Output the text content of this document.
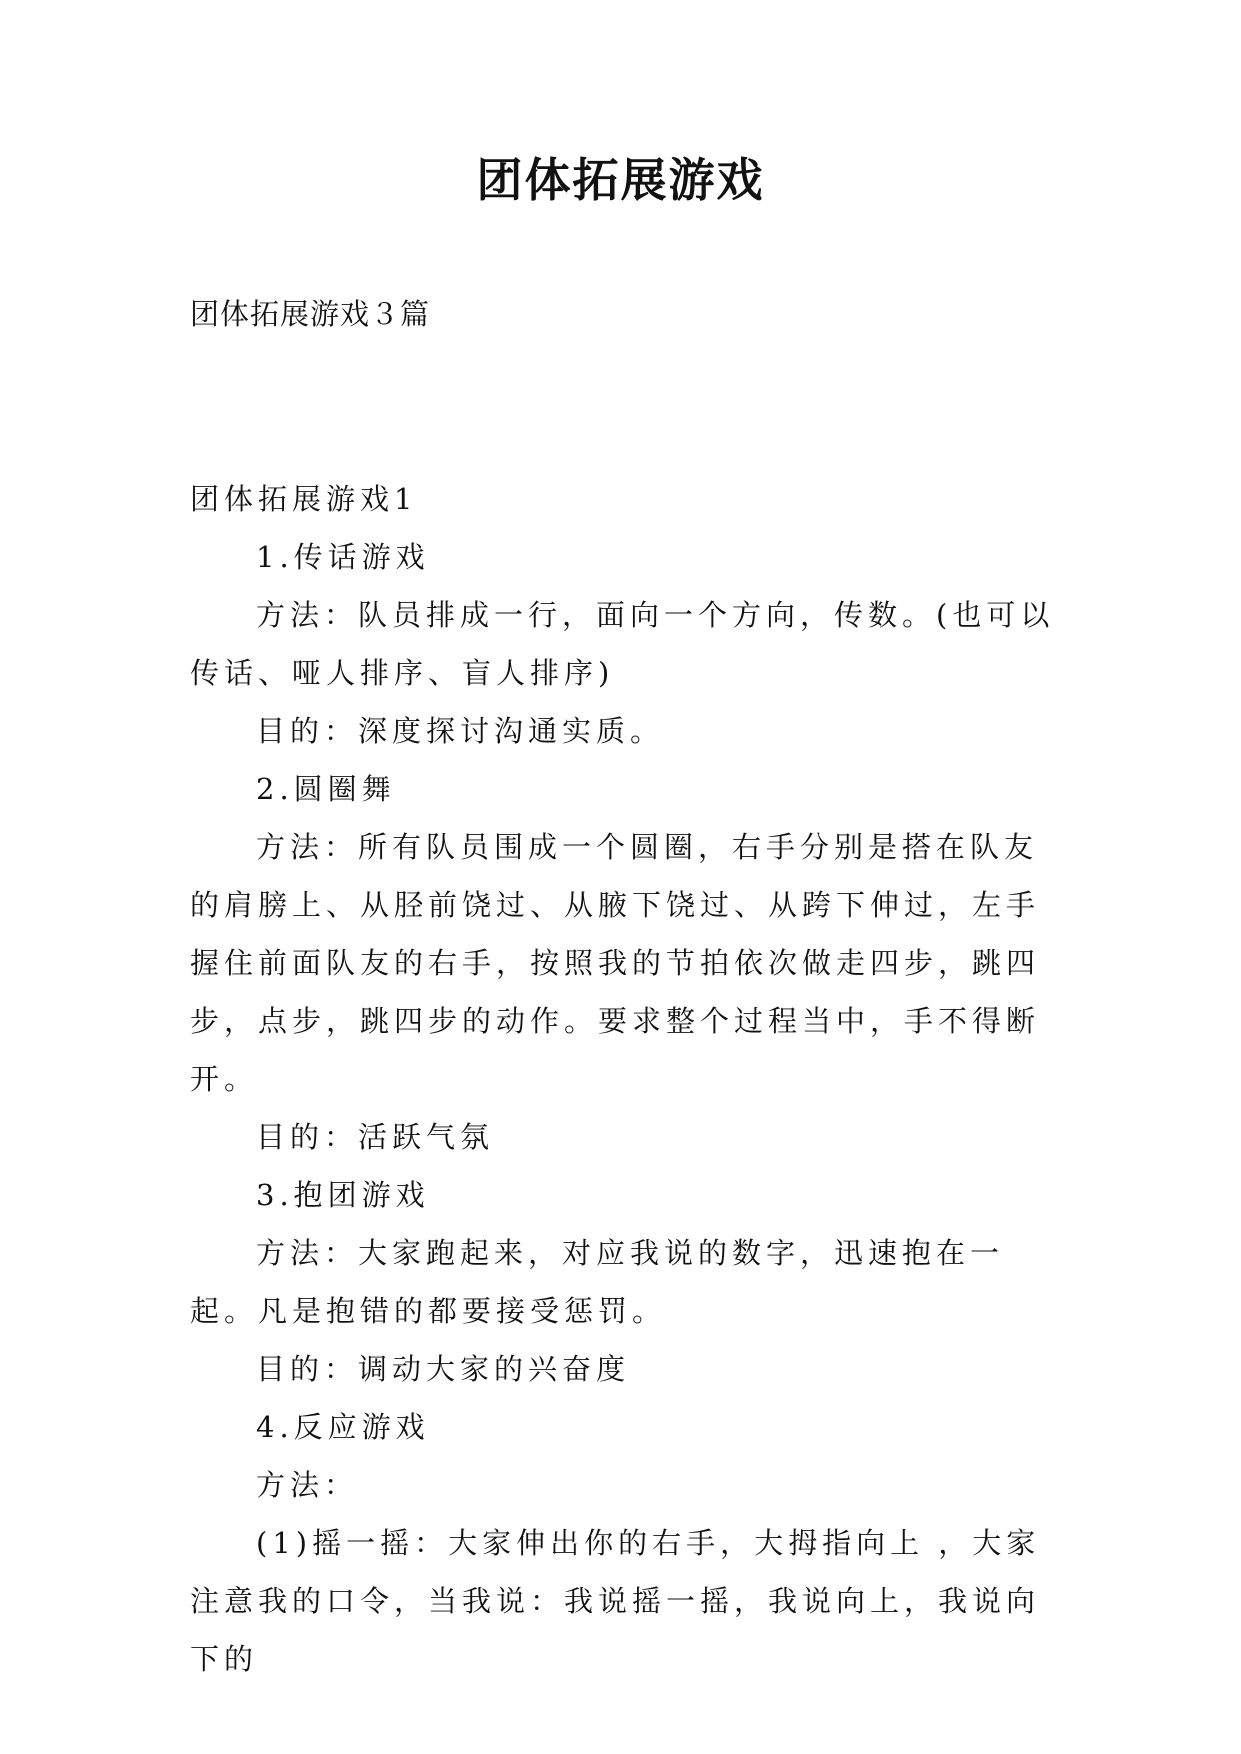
团体拓展游戏
团体拓展游戏３篇

团体拓展游戏1

1.传话游戏

方法：队员排成一行，面向一个方向，传数。(也可以传话、哑人排序、盲人排序)

目的：深度探讨沟通实质。

2.圆圈舞

方法：所有队员围成一个圆圈，右手分别是搭在队友的肩膀上、从胫前饶过、从腋下饶过、从跨下伸过，左手握住前面队友的右手，按照我的节拍依次做走四步，跳四步，点步，跳四步的动作。要求整个过程当中，手不得断开。

目的：活跃气氛

3.抱团游戏

方法：大家跑起来，对应我说的数字，迅速抱在一起。凡是抱错的都要接受惩罚。

目的：调动大家的兴奋度

4.反应游戏

方法：

(1)摇一摇：大家伸出你的右手，大拇指向上 ，大家注意我的口令，当我说：我说摇一摇，我说向上，我说向下的
